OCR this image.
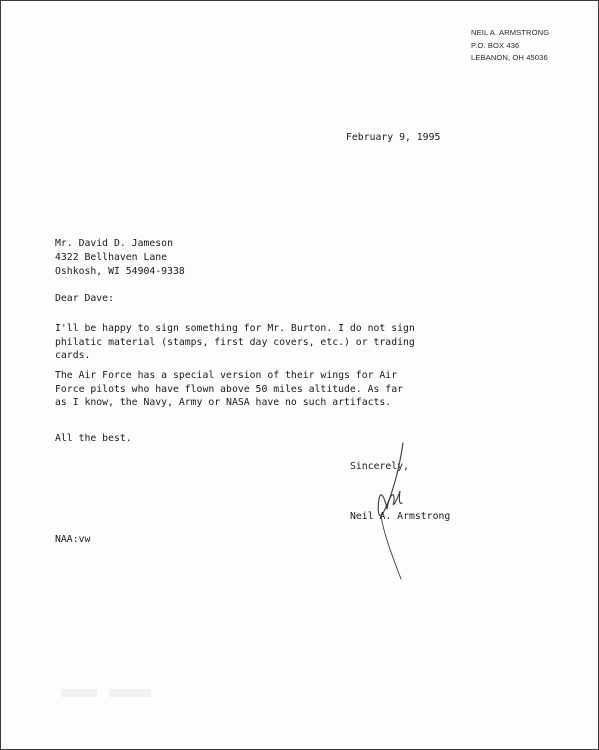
NEIL A. ARMSTRONG
P.O. BOX 436
LEBANON, OH 45036
February 9, 1995
Mr. David D. Jameson
4322 Bellhaven Lane
Oshkosh, WI 54904-9338
Dear Dave:
I'll be happy to sign something for Mr. Burton. I do not sign
philatic material (stamps, first day covers, etc.) or trading
cards.
The Air Force has a special version of their wings for Air
Force pilots who have flown above 50 miles altitude. As far
as I know, the Navy, Army or NASA have no such artifacts.
All the best.
Sincerely,
Neil A. Armstrong
NAA:vw
